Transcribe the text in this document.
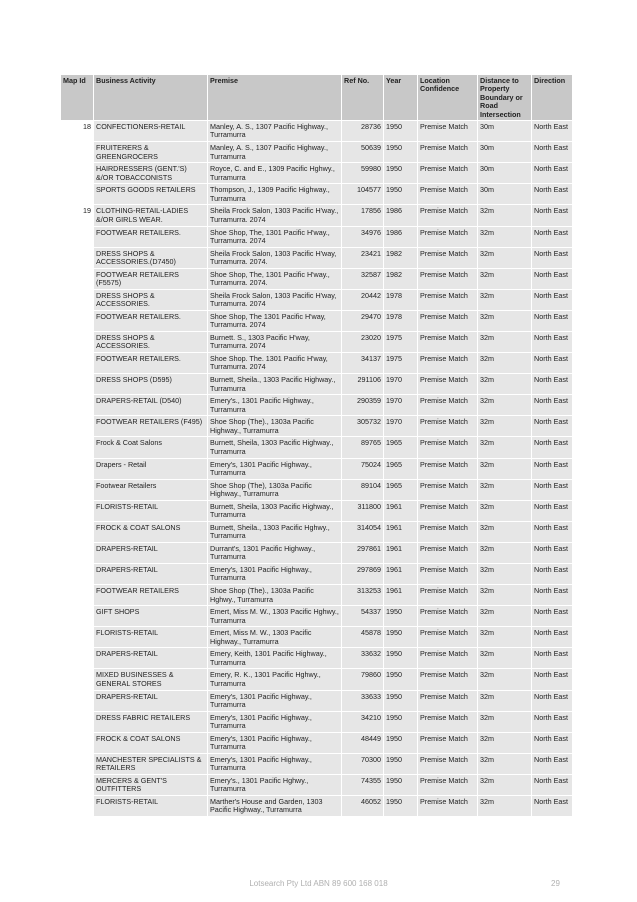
Map Id	Business Activity	Premise	Ref No.	Year	Location Confidence	Distance to Property Boundary or Road Intersection	Direction
18	CONFECTIONERS-RETAIL	Manley, A. S., 1307 Pacific Highway., Turramurra	28736	1950	Premise Match	30m	North East
	FRUITERERS & GREENGROCERS	Manley, A. S., 1307 Pacific Highway., Turramurra	50639	1950	Premise Match	30m	North East
	HAIRDRESSERS (GENT.'S) &/OR TOBACCONISTS	Royce, C. and E., 1309 Pacific Hghwy., Turramurra	59980	1950	Premise Match	30m	North East
	SPORTS GOODS RETAILERS	Thompson, J., 1309 Pacific Highway., Turramurra	104577	1950	Premise Match	30m	North East
19	CLOTHING-RETAIL-LADIES &/OR GIRLS WEAR.	Sheila Frock Salon, 1303 Pacific H'way., Turramurra. 2074	17856	1986	Premise Match	32m	North East
	FOOTWEAR RETAILERS.	Shoe Shop, The, 1301 Pacific H'way., Turramurra. 2074	34976	1986	Premise Match	32m	North East
	DRESS SHOPS & ACCESSORIES.(D7450)	Sheila Frock Salon, 1303 Pacific H'way, Turramurra. 2074.	23421	1982	Premise Match	32m	North East
	FOOTWEAR RETAILERS (F5575)	Shoe Shop, The, 1301 Pacific H'way., Turramurra. 2074.	32587	1982	Premise Match	32m	North East
	DRESS SHOPS & ACCESSORIES.	Sheila Frock Salon, 1303 Pacific H'way, Turramurra. 2074	20442	1978	Premise Match	32m	North East
	FOOTWEAR RETAILERS.	Shoe Shop, The 1301 Pacific H'way, Turramurra. 2074	29470	1978	Premise Match	32m	North East
	DRESS SHOPS & ACCESSORIES.	Burnett. S., 1303 Pacific H'way, Turramurra. 2074	23020	1975	Premise Match	32m	North East
	FOOTWEAR RETAILERS.	Shoe Shop. The. 1301 Pacific H'way, Turramurra. 2074	34137	1975	Premise Match	32m	North East
	DRESS SHOPS (D595)	Burnett, Sheila., 1303 Pacific Highway., Turramurra	291106	1970	Premise Match	32m	North East
	DRAPERS-RETAIL (D540)	Emery's., 1301 Pacific Highway., Turramurra	290359	1970	Premise Match	32m	North East
	FOOTWEAR RETAILERS (F495)	Shoe Shop (The)., 1303a Pacific Highway., Turramurra	305732	1970	Premise Match	32m	North East
	Frock & Coat Salons	Burnett, Sheila, 1303 Pacific Highway., Turramurra	89765	1965	Premise Match	32m	North East
	Drapers - Retail	Emery's, 1301 Pacific Highway., Turramurra	75024	1965	Premise Match	32m	North East
	Footwear Retailers	Shoe Shop (The), 1303a Pacific Highway., Turramurra	89104	1965	Premise Match	32m	North East
	FLORISTS-RETAIL	Burnett, Sheila, 1303 Pacific Highway., Turramurra	311800	1961	Premise Match	32m	North East
	FROCK & COAT SALONS	Burnett, Sheila., 1303 Pacific Hghwy., Turramurra	314054	1961	Premise Match	32m	North East
	DRAPERS-RETAIL	Durrant's, 1301 Pacific Highway., Turramurra	297861	1961	Premise Match	32m	North East
	DRAPERS-RETAIL	Emery's, 1301 Pacific Highway., Turramurra	297869	1961	Premise Match	32m	North East
	FOOTWEAR RETAILERS	Shoe Shop (The)., 1303a Pacific Hghwy., Turramurra	313253	1961	Premise Match	32m	North East
	GIFT SHOPS	Emert, Miss M. W., 1303 Pacific Hghwy., Turramurra	54337	1950	Premise Match	32m	North East
	FLORISTS-RETAIL	Emert, Miss M. W., 1303 Pacific Highway., Turramurra	45878	1950	Premise Match	32m	North East
	DRAPERS-RETAIL	Emery, Keith, 1301 Pacific Highway., Turramurra	33632	1950	Premise Match	32m	North East
	MIXED BUSINESSES & GENERAL STORES	Emery, R. K., 1301 Pacific Hghwy., Turramurra	79860	1950	Premise Match	32m	North East
	DRAPERS-RETAIL	Emery's, 1301 Pacific Highway., Turramurra	33633	1950	Premise Match	32m	North East
	DRESS FABRIC RETAILERS	Emery's, 1301 Pacific Highway., Turramurra	34210	1950	Premise Match	32m	North East
	FROCK & COAT SALONS	Emery's, 1301 Pacific Highway., Turramurra	48449	1950	Premise Match	32m	North East
	MANCHESTER SPECIALISTS & RETAILERS	Emery's, 1301 Pacific Highway., Turramurra	70300	1950	Premise Match	32m	North East
	MERCERS & GENT'S OUTFITTERS	Emery's., 1301 Pacific Hghwy., Turramurra	74355	1950	Premise Match	32m	North East
	FLORISTS-RETAIL	Marther's House and Garden, 1303 Pacific Highway., Turramurra	46052	1950	Premise Match	32m	North East
Lotsearch Pty Ltd ABN 89 600 168 018	29
